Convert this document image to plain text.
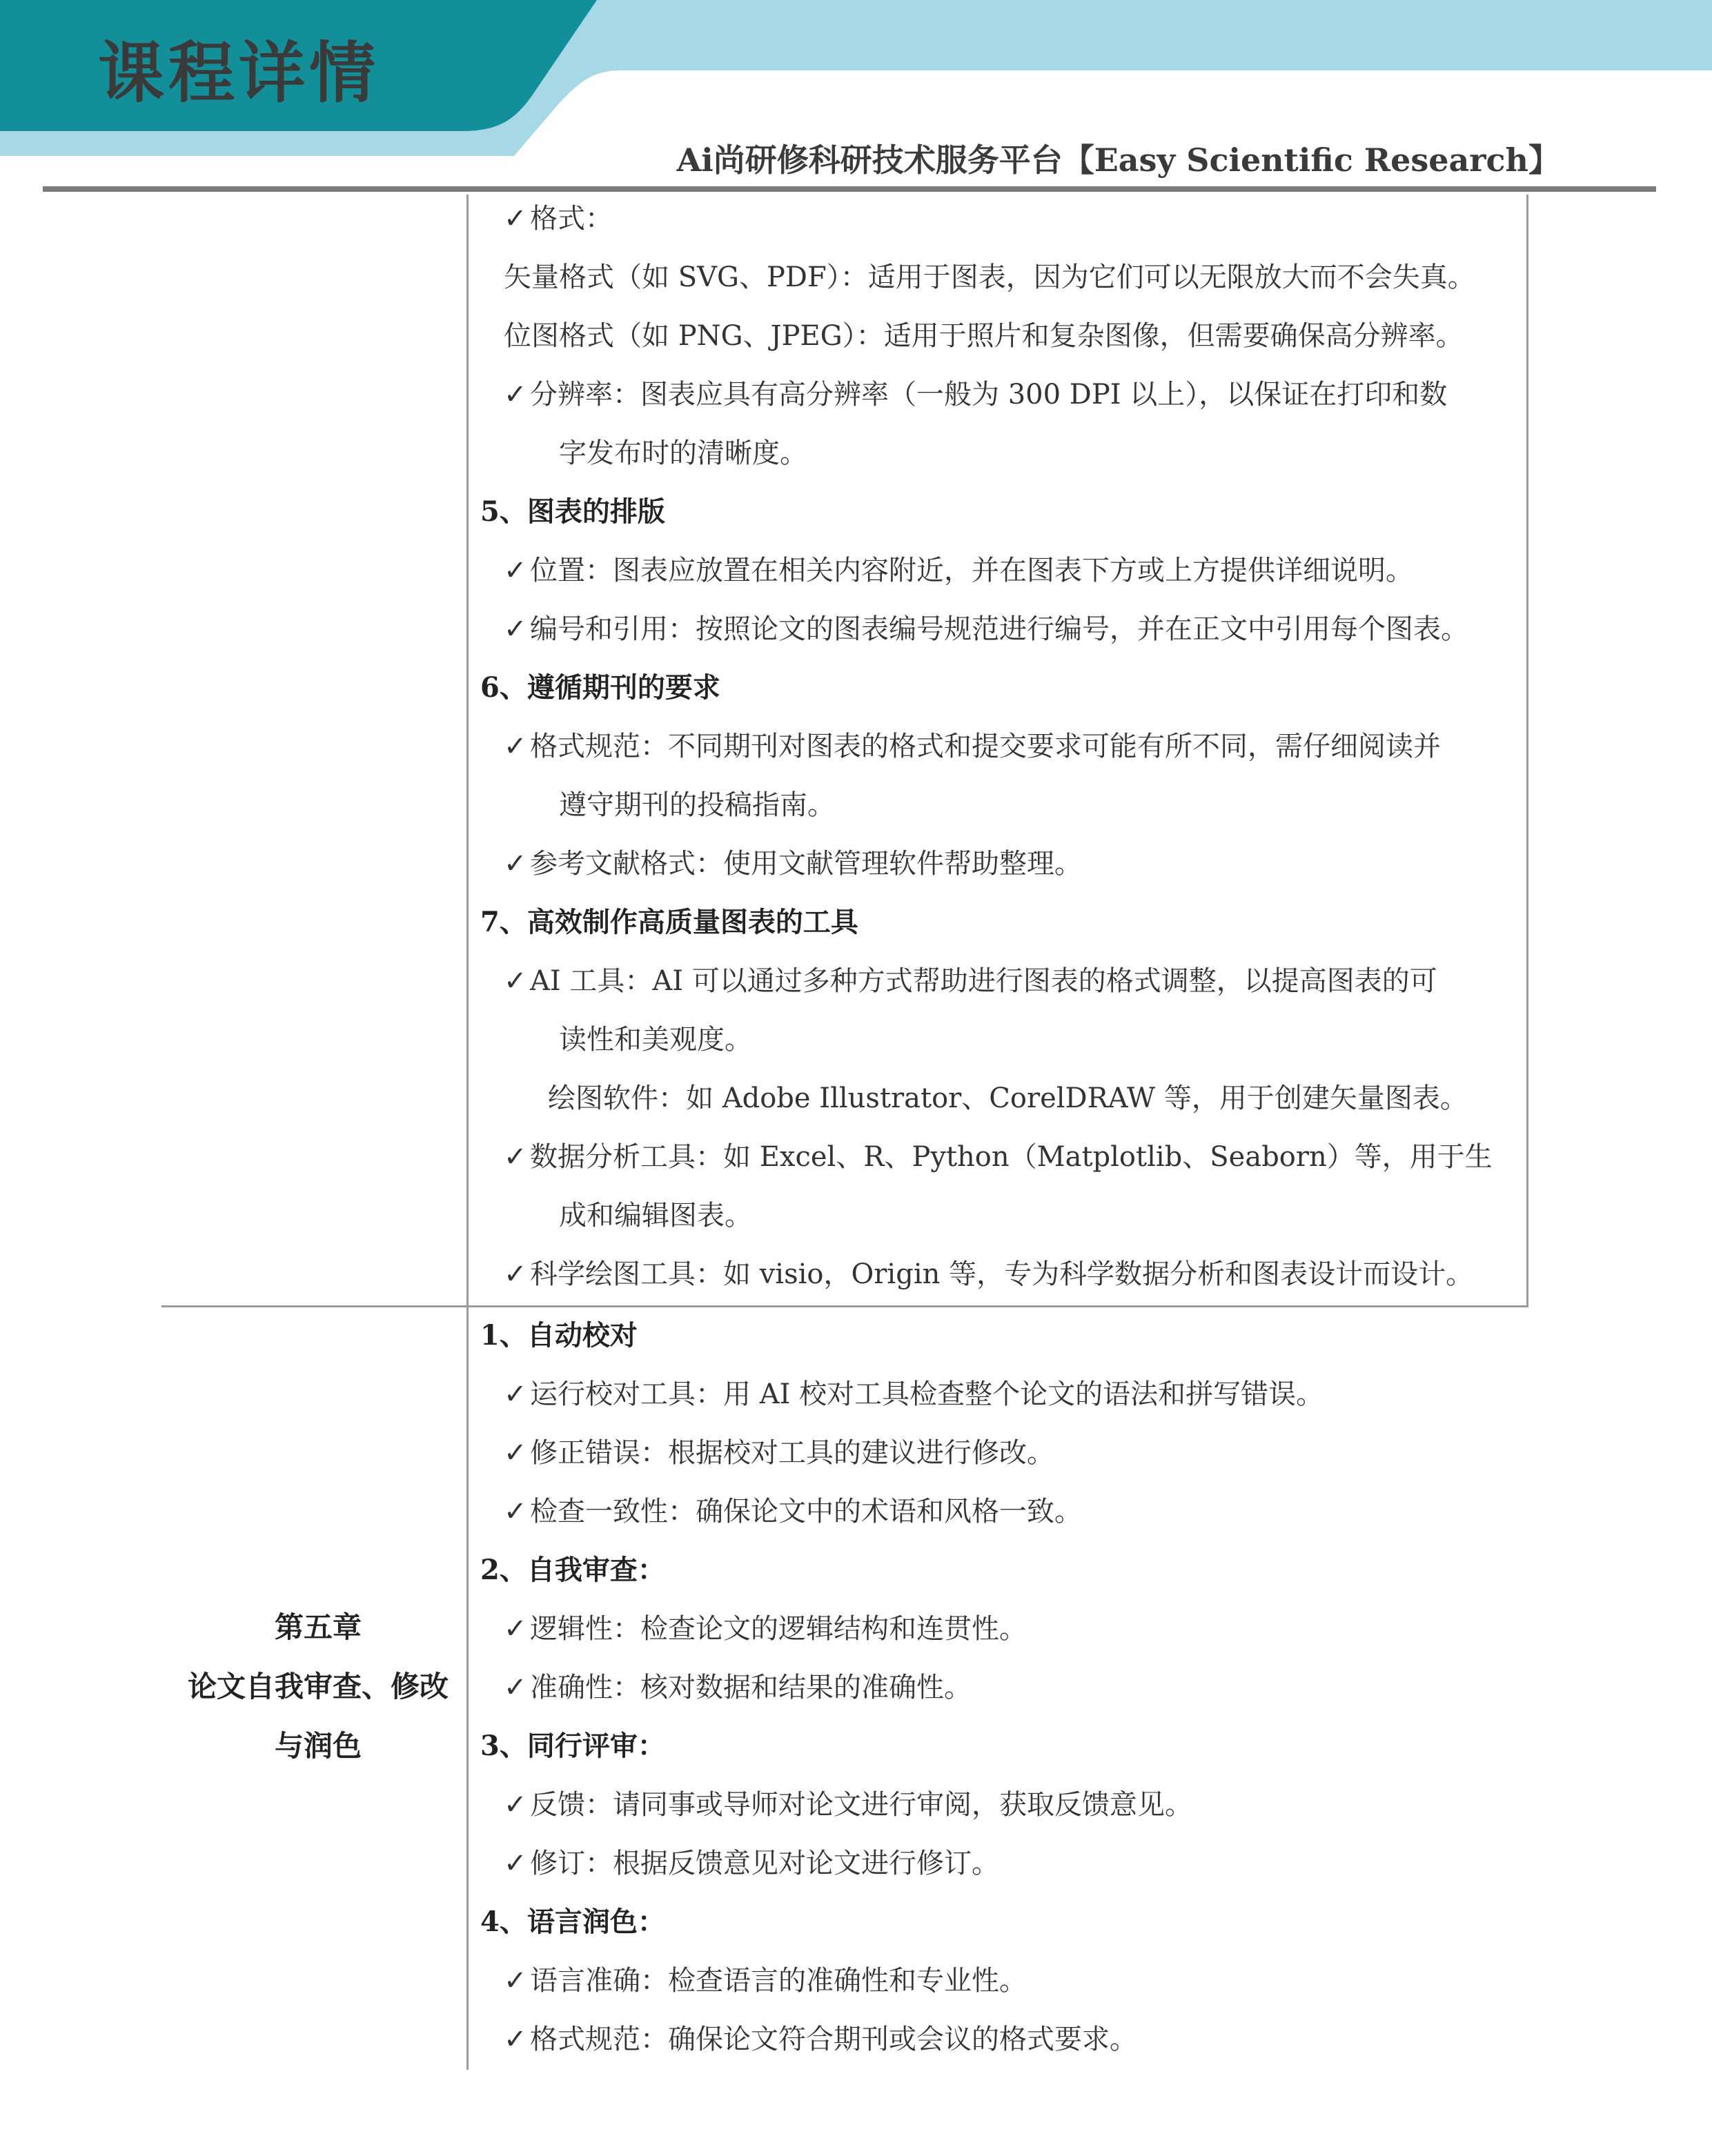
课程详情
Ai尚研修科研技术服务平台【Easy Scientific Research】
第五章
论文自我审查、修改
与润色
✓ 格式：
矢量格式（如 SVG、PDF）：适用于图表，因为它们可以无限放大而不会失真。
位图格式（如 PNG、JPEG）：适用于照片和复杂图像，但需要确保高分辨率。
✓ 分辨率：图表应具有高分辨率（一般为 300 DPI 以上），以保证在打印和数
字发布时的清晰度。
5、图表的排版
✓ 位置：图表应放置在相关内容附近，并在图表下方或上方提供详细说明。
✓ 编号和引用：按照论文的图表编号规范进行编号，并在正文中引用每个图表。
6、遵循期刊的要求
✓ 格式规范：不同期刊对图表的格式和提交要求可能有所不同，需仔细阅读并
遵守期刊的投稿指南。
✓ 参考文献格式：使用文献管理软件帮助整理。
7、高效制作高质量图表的工具
✓ AI 工具：AI 可以通过多种方式帮助进行图表的格式调整，以提高图表的可
读性和美观度。
绘图软件：如 Adobe Illustrator、CorelDRAW 等，用于创建矢量图表。
✓ 数据分析工具：如 Excel、R、Python（Matplotlib、Seaborn）等，用于生
成和编辑图表。
✓ 科学绘图工具：如 visio，Origin 等，专为科学数据分析和图表设计而设计。
1、自动校对
✓ 运行校对工具：用 AI 校对工具检查整个论文的语法和拼写错误。
✓ 修正错误：根据校对工具的建议进行修改。
✓ 检查一致性：确保论文中的术语和风格一致。
2、自我审查：
✓ 逻辑性：检查论文的逻辑结构和连贯性。
✓ 准确性：核对数据和结果的准确性。
3、同行评审：
✓ 反馈：请同事或导师对论文进行审阅，获取反馈意见。
✓ 修订：根据反馈意见对论文进行修订。
4、语言润色：
✓ 语言准确：检查语言的准确性和专业性。
✓ 格式规范：确保论文符合期刊或会议的格式要求。
